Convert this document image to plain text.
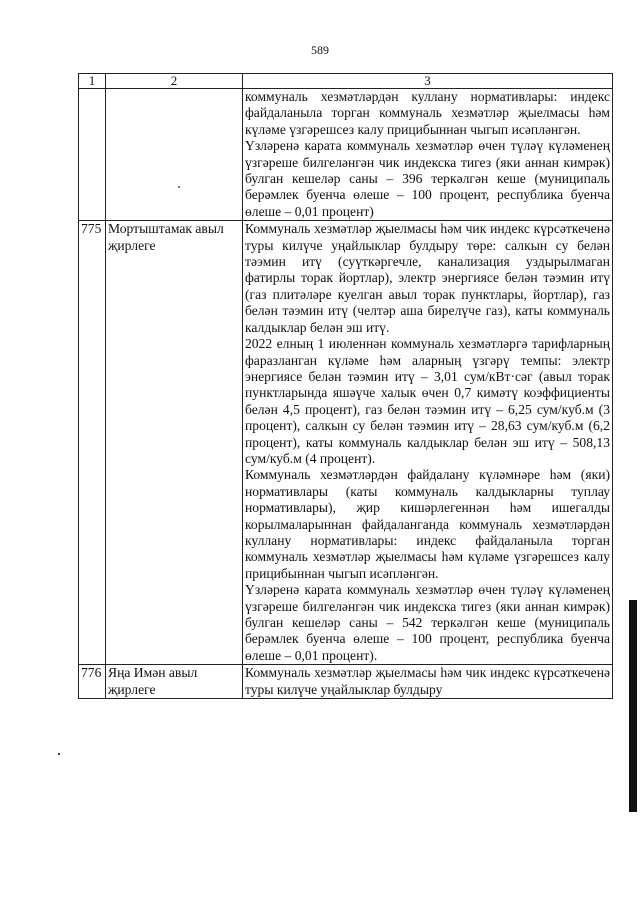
589
1	2	3

		коммуналь хезмәтләрдән куллану нормативлары: индекс файдаланыла торган коммуналь хезмәтләр җыелмасы һәм күләме үзгәрешсез калу прицибыннан чыгып исәпләнгән.

Үзләренә карата коммуналь хезмәтләр өчен түләү күләменең үзгәреше билгеләнгән чик индекска тигез (яки аннан кимрәк) булган кешеләр саны – 396 теркәлгән кеше (муниципаль берәмлек буенча өлеше – 100 процент, республика буенча өлеше – 0,01 процент)

775	Мортыштамак авыл җирлеге	Коммуналь хезмәтләр җыелмасы һәм чик индекс күрсәткеченә туры килүче уңайлыклар булдыру төре: салкын су белән тәэмин итү (суүткәргечле, канализация уздырылмаган фатирлы торак йортлар), электр энергиясе белән тәэмин итү (газ плитәләре куелган авыл торак пунктлары, йортлар), газ белән тәэмин итү (челтәр аша бирелүче газ), каты коммуналь калдыклар белән эш итү.

2022 елның 1 июленнән коммуналь хезмәтләргә тарифларның фаразланган күләме һәм аларның үзгәрү темпы: электр энергиясе белән тәэмин итү – 3,01 сум/кВт·сәг (авыл торак пунктларында яшәүче халык өчен 0,7 кимәтү коэффициенты белән 4,5 процент), газ белән тәэмин итү – 6,25 сум/куб.м (3 процент), салкын су белән тәэмин итү – 28,63 сум/куб.м (6,2 процент), каты коммуналь калдыклар белән эш итү – 508,13 сум/куб.м (4 процент).

Коммуналь хезмәтләрдән файдалану күләмнәре һәм (яки) нормативлары (каты коммуналь калдыкларны туплау нормативлары), җир кишәрлегеннән һәм ишегалды корылмаларыннан файдаланганда коммуналь хезмәтләрдән куллану нормативлары: индекс файдаланыла торган коммуналь хезмәтләр җыелмасы һәм күләме үзгәрешсез калу прицибыннан чыгып исәпләнгән.

Үзләренә карата коммуналь хезмәтләр өчен түләү күләменең үзгәреше билгеләнгән чик индекска тигез (яки аннан кимрәк) булган кешеләр саны – 542 теркәлгән кеше (муниципаль берәмлек буенча өлеше – 100 процент, республика буенча өлеше – 0,01 процент).

776	Яңа Имән авыл җирлеге	Коммуналь хезмәтләр җыелмасы һәм чик индекс күрсәткеченә туры килүче уңайлыклар булдыру
